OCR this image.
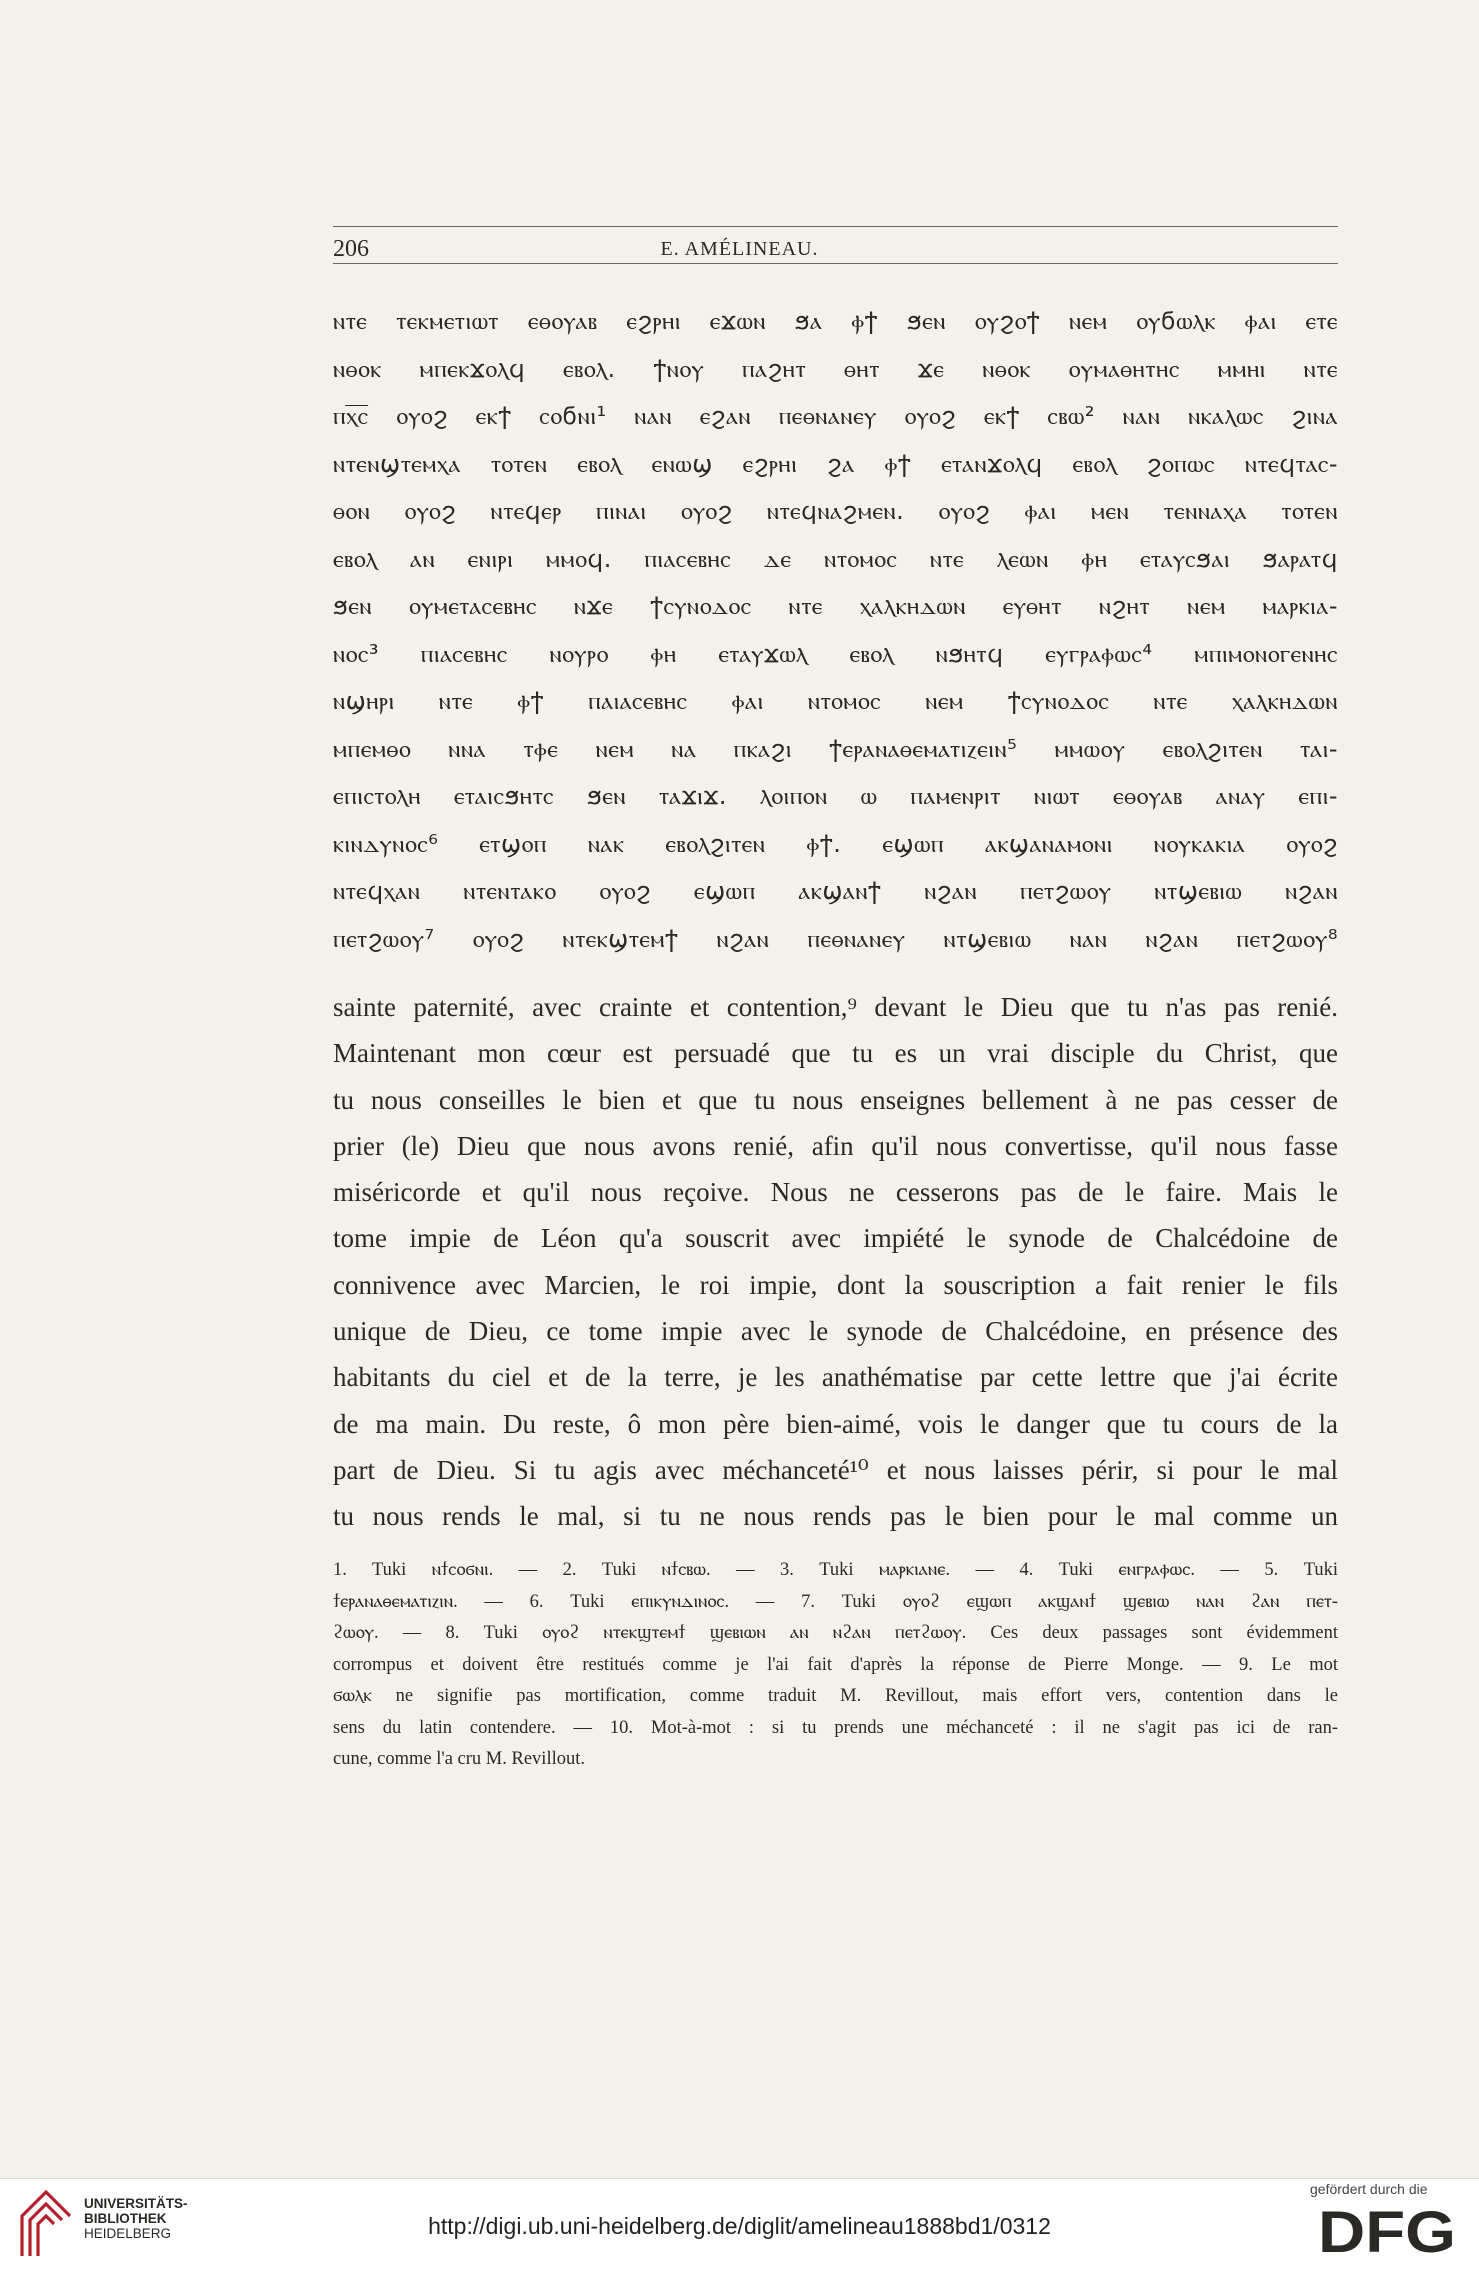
206	E. AMÉLINEAU.
ⲛⲧⲉ ⲧⲉⲕⲙⲉⲧⲓⲱⲧ ⲉⲑⲟⲩⲁⲃ ⲉϩⲣⲏⲓ ⲉϫⲱⲛ ϧⲁ ⲫϯ ϧⲉⲛ ⲟⲩϩⲟϯ ⲛⲉⲙ ⲟⲩϭⲱⲗⲕ ⲫⲁⲓ ⲉⲧⲉ
ⲛⲑⲟⲕ ⲙⲡⲉⲕϫⲟⲗϥ ⲉⲃⲟⲗ. ϯⲛⲟⲩ ⲡⲁϩⲏⲧ ⲑⲏⲧ ϫⲉ ⲛⲑⲟⲕ ⲟⲩⲙⲁⲑⲏⲧⲏⲥ ⲙⲙⲏⲓ ⲛⲧⲉ
ⲡⲭ̅ⲥ̅ ⲟⲩⲟϩ ⲉⲕϯ ⲥⲟϭⲛⲓ¹ ⲛⲁⲛ ⲉϩⲁⲛ ⲡⲉⲑⲛⲁⲛⲉⲩ ⲟⲩⲟϩ ⲉⲕϯ ⲥⲃⲱ² ⲛⲁⲛ ⲛⲕⲁⲗⲱⲥ ϩⲓⲛⲁ
ⲛⲧⲉⲛϣⲧⲉⲙⲭⲁ ⲧⲟⲧⲉⲛ ⲉⲃⲟⲗ ⲉⲛⲱϣ ⲉϩⲣⲏⲓ ϩⲁ ⲫϯ ⲉⲧⲁⲛϫⲟⲗϥ ⲉⲃⲟⲗ ϩⲟⲡⲱⲥ ⲛⲧⲉϥⲧⲁⲥ-
ⲑⲟⲛ ⲟⲩⲟϩ ⲛⲧⲉϥⲉⲣ ⲡⲓⲛⲁⲓ ⲟⲩⲟϩ ⲛⲧⲉϥⲛⲁϩⲙⲉⲛ. ⲟⲩⲟϩ ⲫⲁⲓ ⲙⲉⲛ ⲧⲉⲛⲛⲁⲭⲁ ⲧⲟⲧⲉⲛ
ⲉⲃⲟⲗ ⲁⲛ ⲉⲛⲓⲣⲓ ⲙⲙⲟϥ. ⲡⲓⲁⲥⲉⲃⲏⲥ ⲇⲉ ⲛⲧⲟⲙⲟⲥ ⲛⲧⲉ ⲗⲉⲱⲛ ⲫⲏ ⲉⲧⲁⲩⲥϧⲁⲓ ϧⲁⲣⲁⲧϥ
ϧⲉⲛ ⲟⲩⲙⲉⲧⲁⲥⲉⲃⲏⲥ ⲛϫⲉ ϯⲥⲩⲛⲟⲇⲟⲥ ⲛⲧⲉ ⲭⲁⲗⲕⲏⲇⲱⲛ ⲉⲩⲑⲏⲧ ⲛϩⲏⲧ ⲛⲉⲙ ⲙⲁⲣⲕⲓⲁ-
ⲛⲟⲥ³ ⲡⲓⲁⲥⲉⲃⲏⲥ ⲛⲟⲩⲣⲟ ⲫⲏ ⲉⲧⲁⲩϫⲱⲗ ⲉⲃⲟⲗ ⲛϧⲏⲧϥ ⲉⲩⲅⲣⲁⲫⲱⲥ⁴ ⲙⲡⲓⲙⲟⲛⲟⲅⲉⲛⲏⲥ
ⲛϣⲏⲣⲓ ⲛⲧⲉ ⲫϯ ⲡⲁⲓⲁⲥⲉⲃⲏⲥ ⲫⲁⲓ ⲛⲧⲟⲙⲟⲥ ⲛⲉⲙ ϯⲥⲩⲛⲟⲇⲟⲥ ⲛⲧⲉ ⲭⲁⲗⲕⲏⲇⲱⲛ
ⲙⲡⲉⲙⲑⲟ ⲛⲛⲁ ⲧⲫⲉ ⲛⲉⲙ ⲛⲁ ⲡⲕⲁϩⲓ ϯⲉⲣⲁⲛⲁⲑⲉⲙⲁⲧⲓⲍⲉⲓⲛ⁵ ⲙⲙⲱⲟⲩ ⲉⲃⲟⲗϩⲓⲧⲉⲛ ⲧⲁⲓ-
ⲉⲡⲓⲥⲧⲟⲗⲏ ⲉⲧⲁⲓⲥϧⲏⲧⲥ ϧⲉⲛ ⲧⲁϫⲓϫ. ⲗⲟⲓⲡⲟⲛ ⲱ ⲡⲁⲙⲉⲛⲣⲓⲧ ⲛⲓⲱⲧ ⲉⲑⲟⲩⲁⲃ ⲁⲛⲁⲩ ⲉⲡⲓ-
ⲕⲓⲛⲇⲩⲛⲟⲥ⁶ ⲉⲧϣⲟⲡ ⲛⲁⲕ ⲉⲃⲟⲗϩⲓⲧⲉⲛ ⲫϯ. ⲉϣⲱⲡ ⲁⲕϣⲁⲛⲁⲙⲟⲛⲓ ⲛⲟⲩⲕⲁⲕⲓⲁ ⲟⲩⲟϩ
ⲛⲧⲉϥⲭⲁⲛ ⲛⲧⲉⲛⲧⲁⲕⲟ ⲟⲩⲟϩ ⲉϣⲱⲡ ⲁⲕϣⲁⲛϯ ⲛϩⲁⲛ ⲡⲉⲧϩⲱⲟⲩ ⲛⲧϣⲉⲃⲓⲱ ⲛϩⲁⲛ
ⲡⲉⲧϩⲱⲟⲩ⁷ ⲟⲩⲟϩ ⲛⲧⲉⲕϣⲧⲉⲙϯ ⲛϩⲁⲛ ⲡⲉⲑⲛⲁⲛⲉⲩ ⲛⲧϣⲉⲃⲓⲱ ⲛⲁⲛ ⲛϩⲁⲛ ⲡⲉⲧϩⲱⲟⲩ⁸
sainte paternité, avec crainte et contention,⁹ devant le Dieu que tu n'as pas renié.
Maintenant mon cœur est persuadé que tu es un vrai disciple du Christ, que
tu nous conseilles le bien et que tu nous enseignes bellement à ne pas cesser de
prier (le) Dieu que nous avons renié, afin qu'il nous convertisse, qu'il nous fasse
miséricorde et qu'il nous reçoive. Nous ne cesserons pas de le faire. Mais le
tome impie de Léon qu'a souscrit avec impiété le synode de Chalcédoine de
connivence avec Marcien, le roi impie, dont la souscription a fait renier le fils
unique de Dieu, ce tome impie avec le synode de Chalcédoine, en présence des
habitants du ciel et de la terre, je les anathématise par cette lettre que j'ai écrite
de ma main. Du reste, ô mon père bien-aimé, vois le danger que tu cours de la
part de Dieu. Si tu agis avec méchanceté¹⁰ et nous laisses périr, si pour le mal
tu nous rends le mal, si tu ne nous rends pas le bien pour le mal comme un
1. Tuki ⲛϯⲥⲟϭⲛⲓ. — 2. Tuki ⲛϯⲥⲃⲱ. — 3. Tuki ⲙⲁⲣⲕⲓⲁⲛⲉ. — 4. Tuki ⲉⲛⲅⲣⲁⲫⲱⲥ. — 5. Tuki
ϯⲉⲣⲁⲛⲁⲑⲉⲙⲁⲧⲓⲍⲓⲛ. — 6. Tuki ⲉⲡⲓⲕⲩⲛⲇⲓⲛⲟⲥ. — 7. Tuki ⲟⲩⲟϩ ⲉϣⲱⲡ ⲁⲕϣⲁⲛϯ ϣⲉⲃⲓⲱ ⲛⲁⲛ ϩⲁⲛ ⲡⲉⲧ-
ϩⲱⲟⲩ. — 8. Tuki ⲟⲩⲟϩ ⲛⲧⲉⲕϣⲧⲉⲙϯ ϣⲉⲃⲓⲱⲛ ⲁⲛ ⲛϩⲁⲛ ⲡⲉⲧϩⲱⲟⲩ. Ces deux passages sont évidemment
corrompus et doivent être restitués comme je l'ai fait d'après la réponse de Pierre Monge. — 9. Le mot
ϭⲱⲗⲕ ne signifie pas mortification, comme traduit M. Revillout, mais effort vers, contention dans le
sens du latin contendere. — 10. Mot-à-mot : si tu prends une méchanceté : il ne s'agit pas ici de ran-
cune, comme l'a cru M. Revillout.
UNIVERSITÄTS-
BIBLIOTHEK
HEIDELBERG	http://digi.ub.uni-heidelberg.de/diglit/amelineau1888bd1/0312
gefördert durch die
DFG
